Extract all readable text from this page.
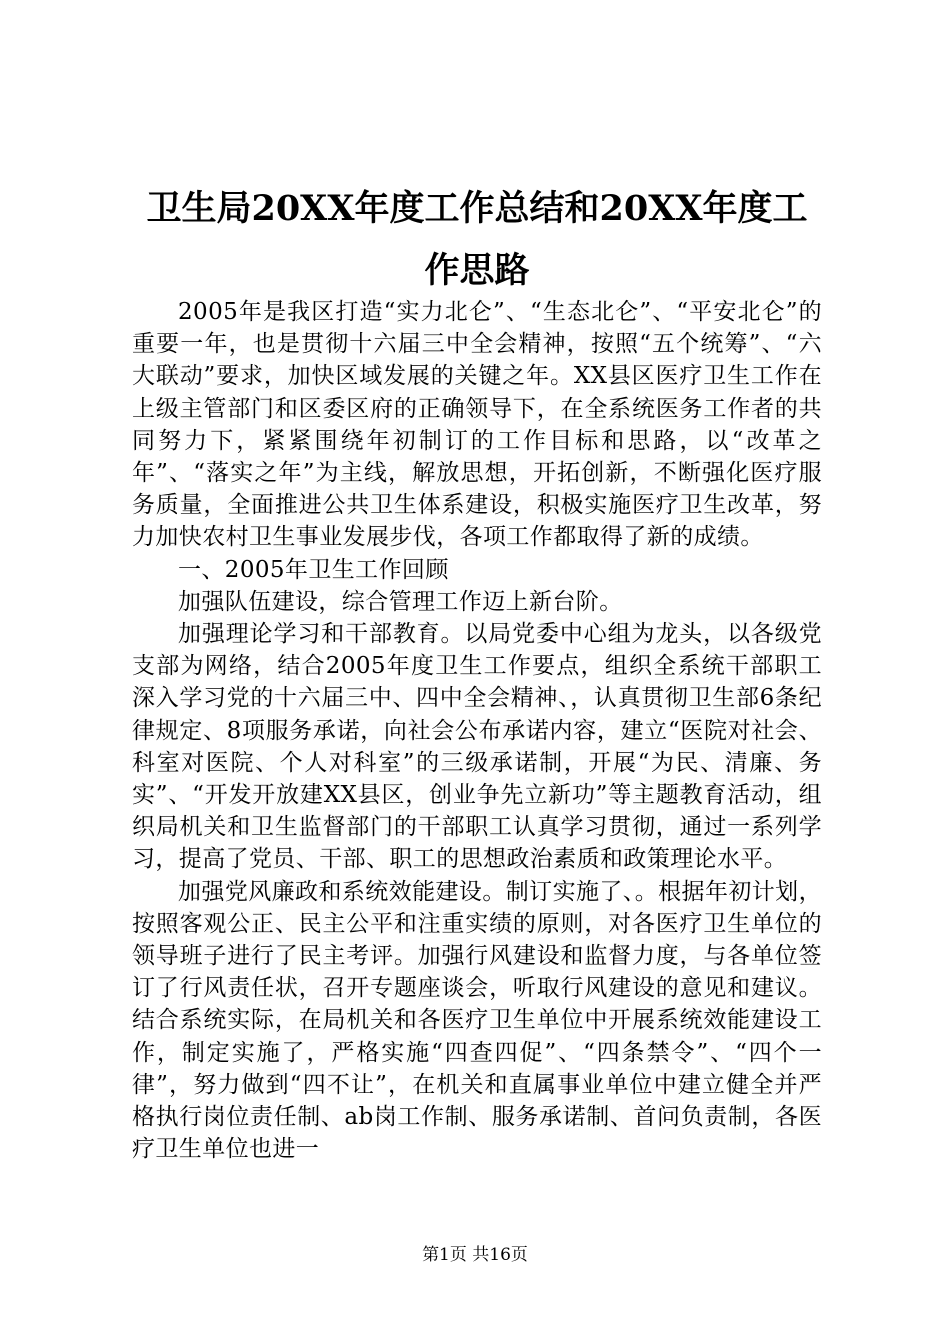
卫生局20XX年度工作总结和20XX年度工作思路

2005年是我区打造“实力北仑”、“生态北仑”、“平安北仑”的重要一年，也是贯彻十六届三中全会精神，按照“五个统筹”、“六大联动”要求，加快区域发展的关键之年。XX县区医疗卫生工作在上级主管部门和区委区府的正确领导下，在全系统医务工作者的共同努力下，紧紧围绕年初制订的工作目标和思路，以“改革之年”、“落实之年”为主线，解放思想，开拓创新，不断强化医疗服务质量，全面推进公共卫生体系建设，积极实施医疗卫生改革，努力加快农村卫生事业发展步伐，各项工作都取得了新的成绩。

一、2005年卫生工作回顾

加强队伍建设，综合管理工作迈上新台阶。

加强理论学习和干部教育。以局党委中心组为龙头，以各级党支部为网络，结合2005年度卫生工作要点，组织全系统干部职工深入学习党的十六届三中、四中全会精神、，认真贯彻卫生部6条纪律规定、8项服务承诺，向社会公布承诺内容，建立“医院对社会、科室对医院、个人对科室”的三级承诺制，开展“为民、清廉、务实”、“开发开放建XX县区，创业争先立新功”等主题教育活动，组织局机关和卫生监督部门的干部职工认真学习贯彻，通过一系列学习，提高了党员、干部、职工的思想政治素质和政策理论水平。

加强党风廉政和系统效能建设。制订实施了、。根据年初计划，按照客观公正、民主公平和注重实绩的原则，对各医疗卫生单位的领导班子进行了民主考评。加强行风建设和监督力度，与各单位签订了行风责任状，召开专题座谈会，听取行风建设的意见和建议。结合系统实际，在局机关和各医疗卫生单位中开展系统效能建设工作，制定实施了，严格实施“四查四促”、“四条禁令”、“四个一律”，努力做到“四不让”，在机关和直属事业单位中建立健全并严格执行岗位责任制、ab岗工作制、服务承诺制、首问负责制，各医疗卫生单位也进一

第1页 共16页
